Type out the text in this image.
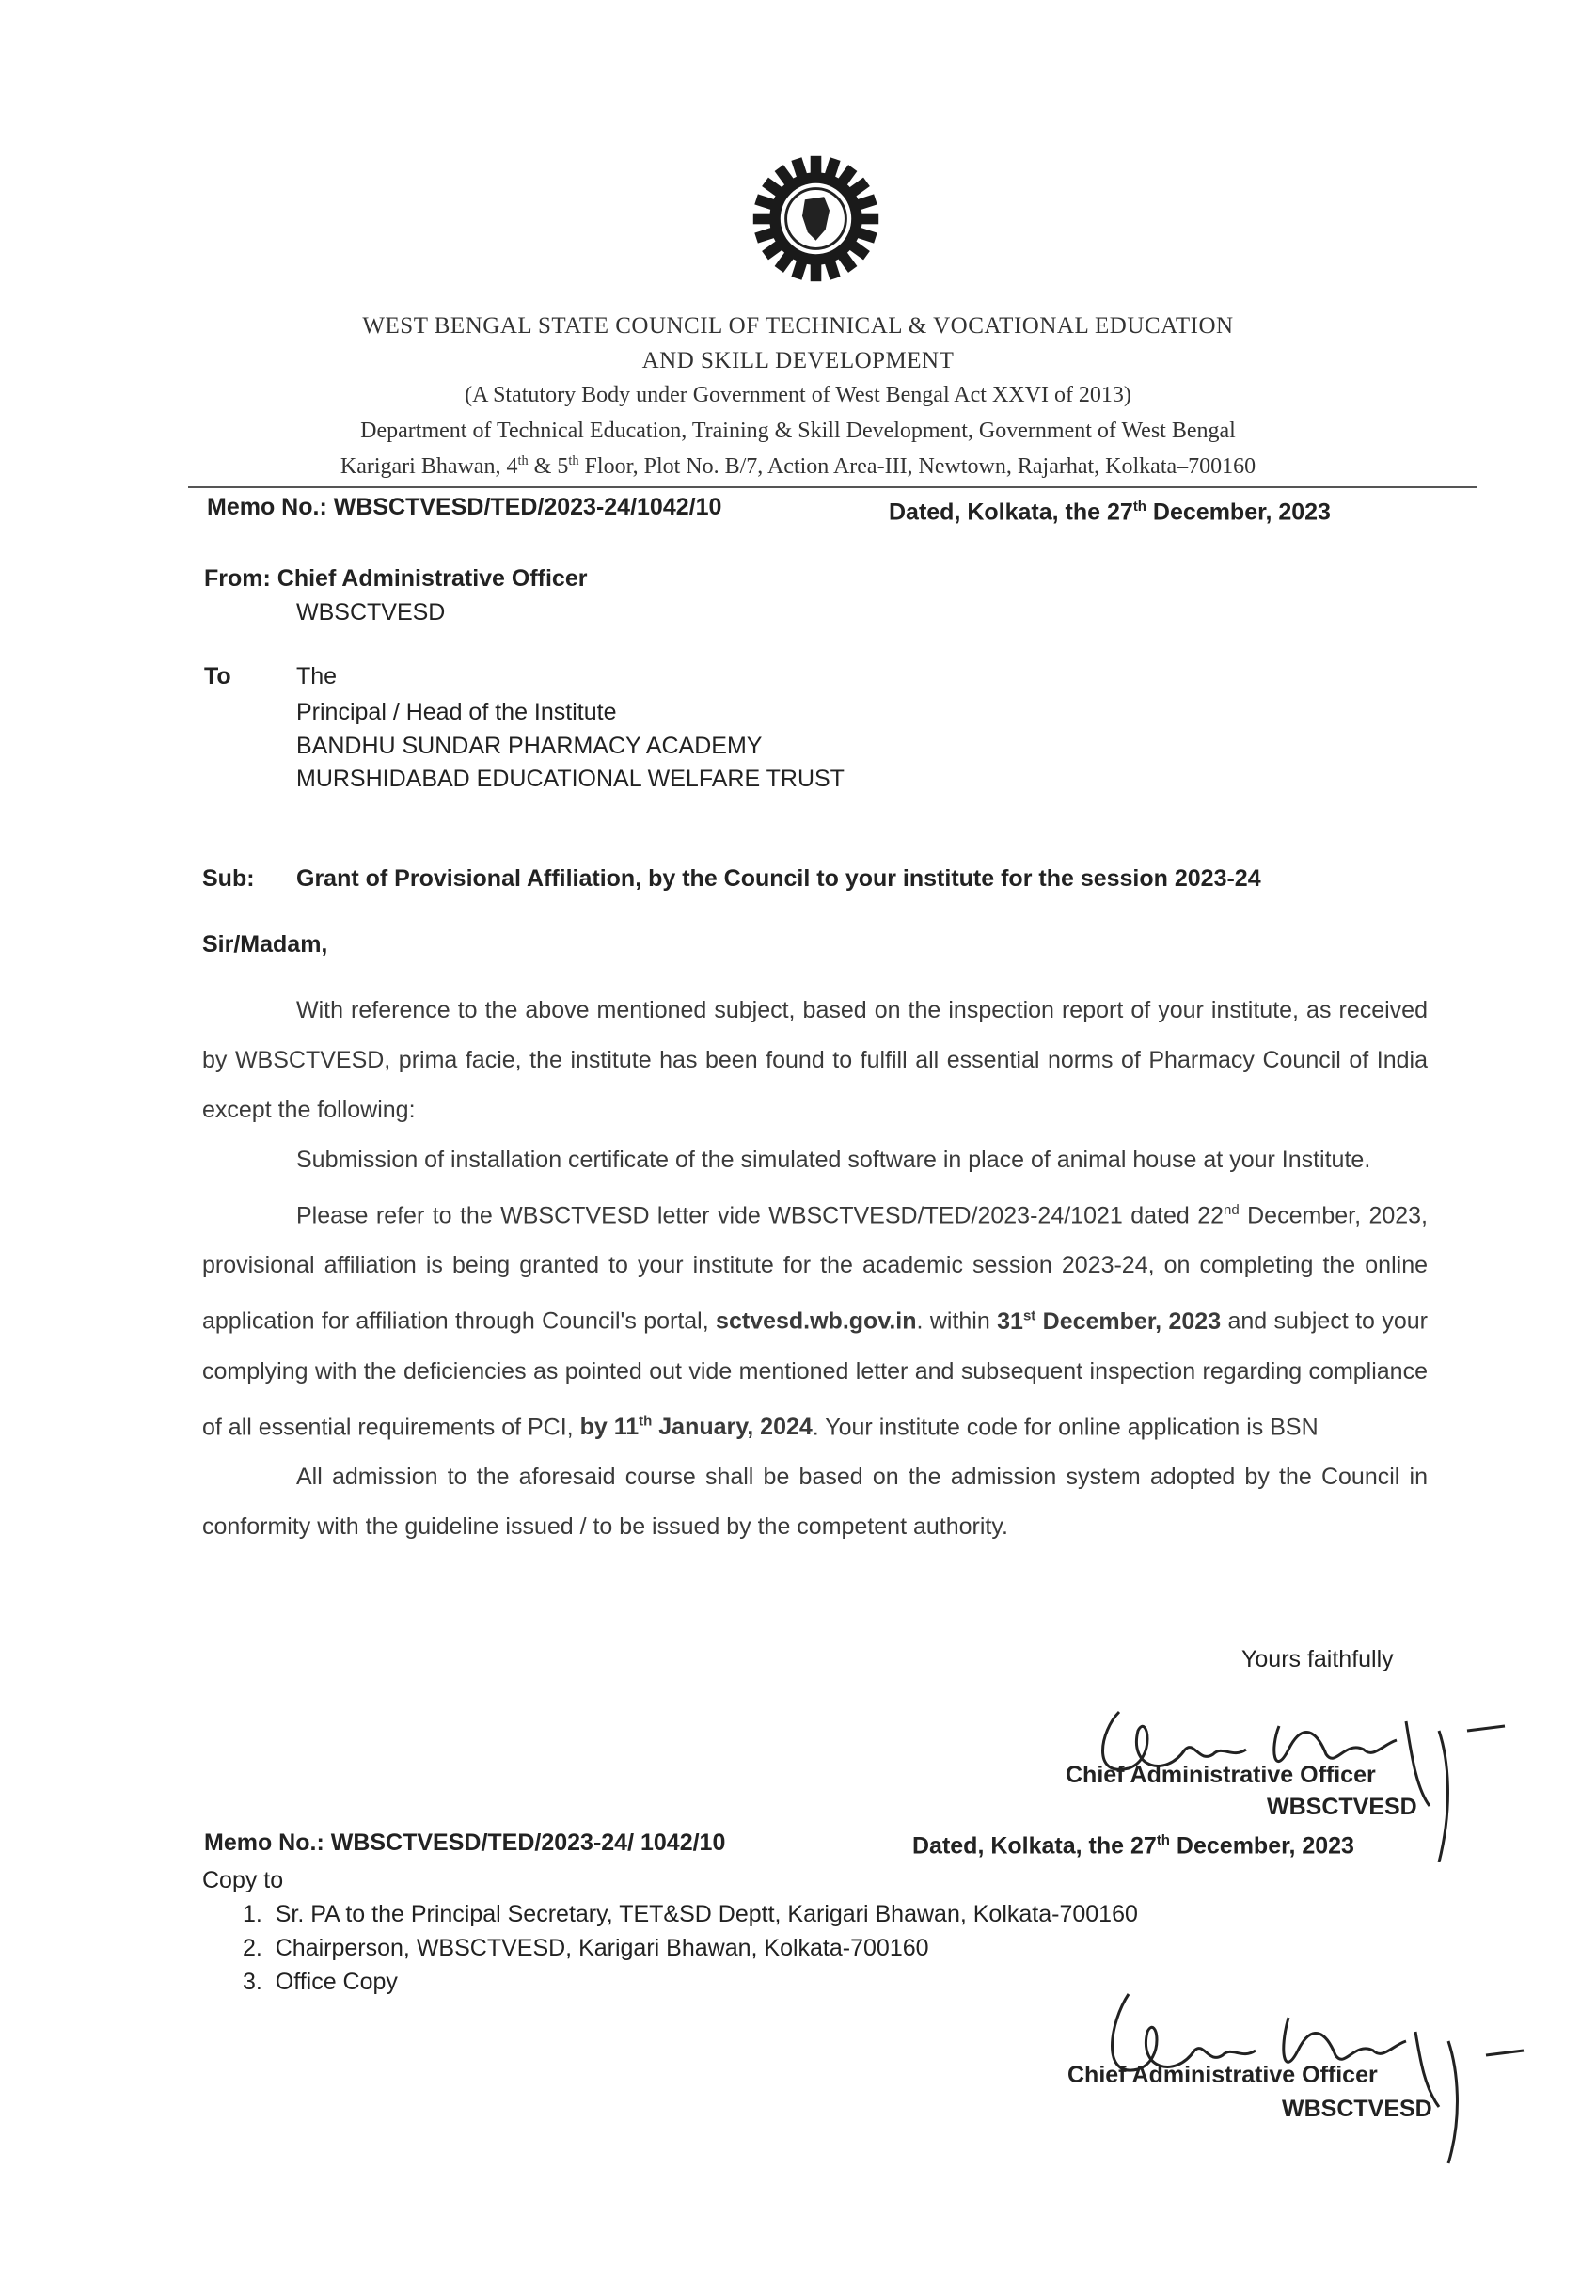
WEST BENGAL STATE COUNCIL OF TECHNICAL & VOCATIONAL EDUCATION
AND SKILL DEVELOPMENT
(A Statutory Body under Government of West Bengal Act XXVI of 2013)
Department of Technical Education, Training & Skill Development, Government of West Bengal
Karigari Bhawan, 4th & 5th Floor, Plot No. B/7, Action Area-III, Newtown, Rajarhat, Kolkata–700160
Memo No.: WBSCTVESD/TED/2023-24/1042/10	Dated, Kolkata, the 27th December, 2023
From: Chief Administrative Officer
WBSCTVESD
To	The
Principal / Head of the Institute
BANDHU SUNDAR PHARMACY ACADEMY
MURSHIDABAD EDUCATIONAL WELFARE TRUST
Sub: Grant of Provisional Affiliation, by the Council to your institute for the session 2023-24
Sir/Madam,

With reference to the above mentioned subject, based on the inspection report of your institute, as received by WBSCTVESD, prima facie, the institute has been found to fulfill all essential norms of Pharmacy Council of India except the following:

Submission of installation certificate of the simulated software in place of animal house at your Institute.

Please refer to the WBSCTVESD letter vide WBSCTVESD/TED/2023-24/1021 dated 22nd December, 2023, provisional affiliation is being granted to your institute for the academic session 2023-24, on completing the online application for affiliation through Council's portal, sctvesd.wb.gov.in. within 31st December, 2023 and subject to your complying with the deficiencies as pointed out vide mentioned letter and subsequent inspection regarding compliance of all essential requirements of PCI, by 11th January, 2024. Your institute code for online application is BSN

All admission to the aforesaid course shall be based on the admission system adopted by the Council in conformity with the guideline issued / to be issued by the competent authority.

Yours faithfully
Chief Administrative Officer
WBSCTVESD
Memo No.: WBSCTVESD/TED/2023-24/ 1042/10	Dated, Kolkata, the 27th December, 2023
Copy to
1.  Sr. PA to the Principal Secretary, TET&SD Deptt, Karigari Bhawan, Kolkata-700160
2.  Chairperson, WBSCTVESD, Karigari Bhawan, Kolkata-700160
3.  Office Copy
Chief Administrative Officer
WBSCTVESD
